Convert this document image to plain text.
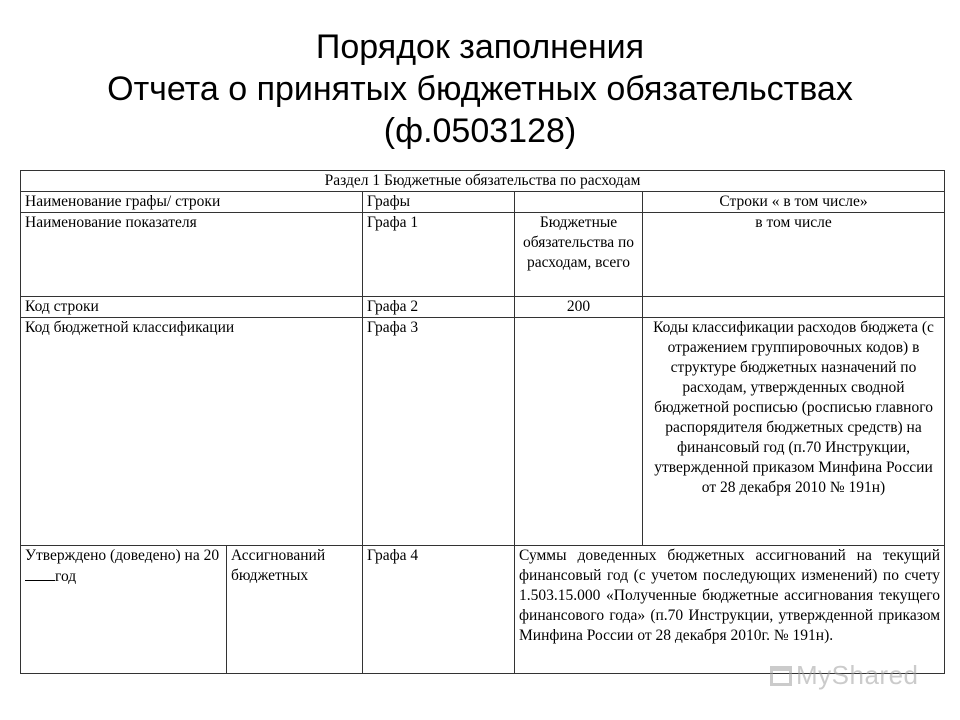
Порядок заполнения
Отчета о принятых бюджетных обязательствах
(ф.0503128)
Раздел 1 Бюджетные обязательства по расходам				
Наименование графы/ строки		Графы		Строки « в том числе»
Наименование показателя		Графа 1	Бюджетные обязательства по расходам, всего	в том числе
Код строки		Графа 2	200	
Код бюджетной классификации		Графа 3		Коды классификации расходов бюджета (с отражением группировочных кодов) в структуре бюджетных назначений по расходам, утвержденных сводной бюджетной росписью (росписью главного распорядителя бюджетных средств) на финансовый год (п.70 Инструкции, утвержденной приказом Минфина России от 28 декабря 2010 № 191н)
Утверждено (доведено) на 20год	Ассигнований бюджетных	Графа 4	Суммы доведенных бюджетных ассигнований на текущий финансовый год (с учетом последующих изменений) по счету 1.503.15.000 «Полученные бюджетные ассигнования текущего финансового года» (п.70 Инструкции, утвержденной приказом Минфина России от 28 декабря 2010г. № 191н).	
MyShared
